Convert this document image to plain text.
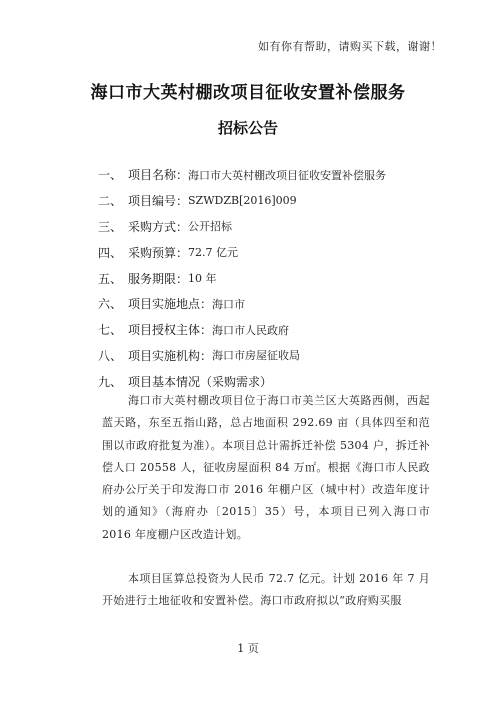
如有你有帮助，请购买下载，谢谢！
海口市大英村棚改项目征收安置补偿服务
招标公告
一、 项目名称： 海口市大英村棚改项目征收安置补偿服务
二、 项目编号： SZWDZB[2016]009
三、 采购方式： 公开招标
四、 采购预算： 72.7 亿元
五、 服务期限： 10 年
六、 项目实施地点： 海口市
七、 项目授权主体： 海口市人民政府
八、 项目实施机构： 海口市房屋征收局
九、 项目基本情况（采购需求）
海口市大英村棚改项目位于海口市美兰区大英路西侧，西起蓝天路，东至五指山路，总占地面积 292.69 亩（具体四至和范围以市政府批复为准）。本项目总计需拆迁补偿 5304 户，拆迁补偿人口 20558 人，征收房屋面积 84 万㎡。根据《海口市人民政府办公厅关于印发海口市 2016 年棚户区（城中村）改造年度计划的通知》（海府办〔2015〕35）号，本项目已列入海口市 2016 年度棚户区改造计划。
本项目匡算总投资为人民币 72.7 亿元。计划 2016 年 7 月开始进行土地征收和安置补偿。海口市政府拟以“政府购买服
1 页
